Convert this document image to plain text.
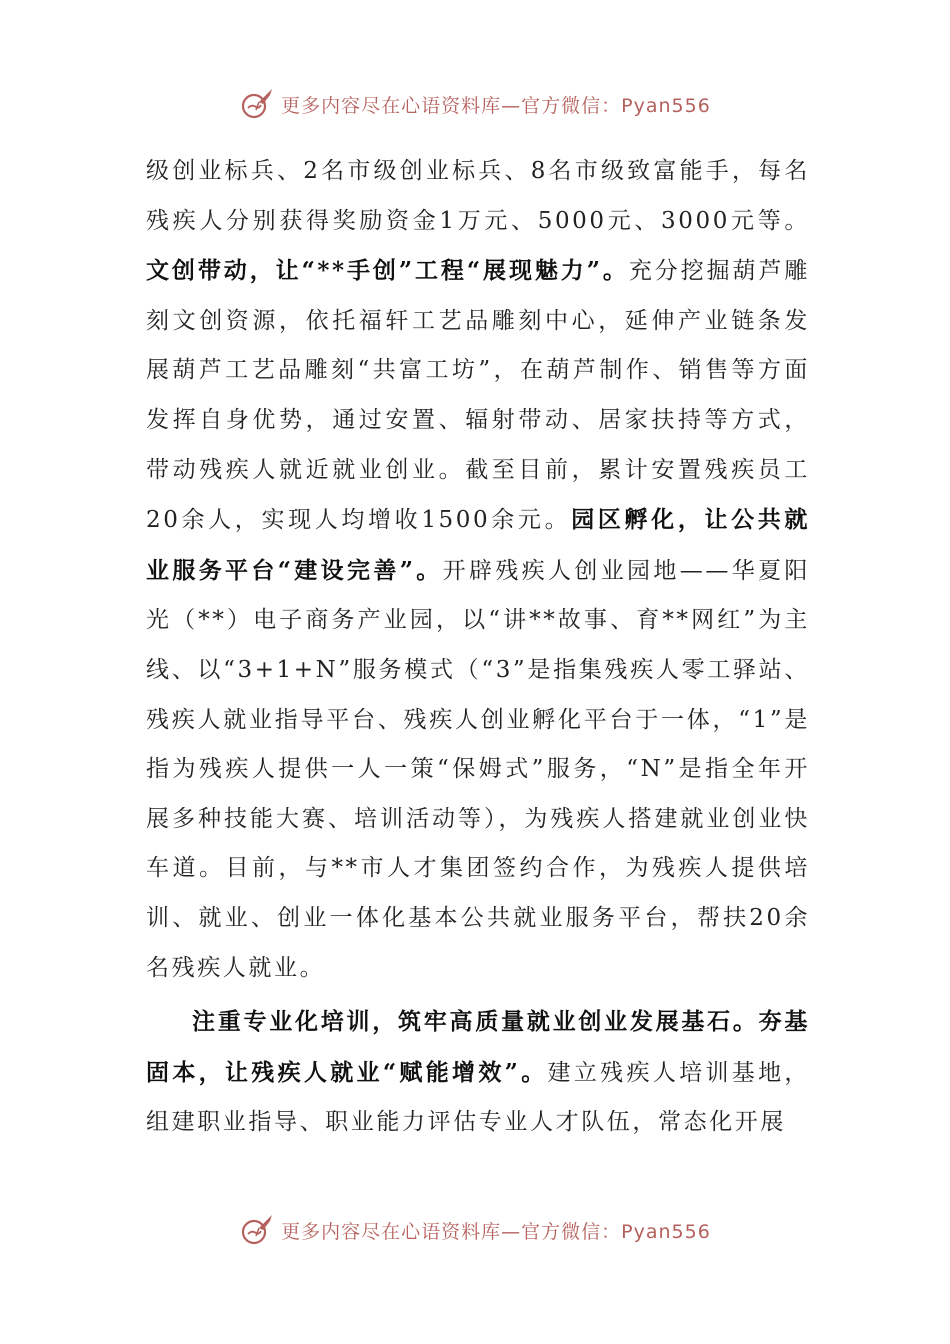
更多内容尽在心语资料库—官方微信：Pyan556

级创业标兵、2名市级创业标兵、8名市级致富能手，每名残疾人分别获得奖励资金1万元、5000元、3000元等。文创带动，让“**手创”工程“展现魅力”。充分挖掘葫芦雕刻文创资源，依托福轩工艺品雕刻中心，延伸产业链条发展葫芦工艺品雕刻“共富工坊”，在葫芦制作、销售等方面发挥自身优势，通过安置、辐射带动、居家扶持等方式，带动残疾人就近就业创业。截至目前，累计安置残疾员工20余人，实现人均增收1500余元。园区孵化，让公共就业服务平台“建设完善”。开辟残疾人创业园地——华夏阳光（**）电子商务产业园，以“讲**故事、育**网红”为主线、以“3+1+N”服务模式（“3”是指集残疾人零工驿站、残疾人就业指导平台、残疾人创业孵化平台于一体，“1”是指为残疾人提供一人一策“保姆式”服务，“N”是指全年开展多种技能大赛、培训活动等），为残疾人搭建就业创业快车道。目前，与**市人才集团签约合作，为残疾人提供培训、就业、创业一体化基本公共就业服务平台，帮扶20余名残疾人就业。

注重专业化培训，筑牢高质量就业创业发展基石。夯基固本，让残疾人就业“赋能增效”。建立残疾人培训基地，组建职业指导、职业能力评估专业人才队伍，常态化开展

更多内容尽在心语资料库—官方微信：Pyan556
